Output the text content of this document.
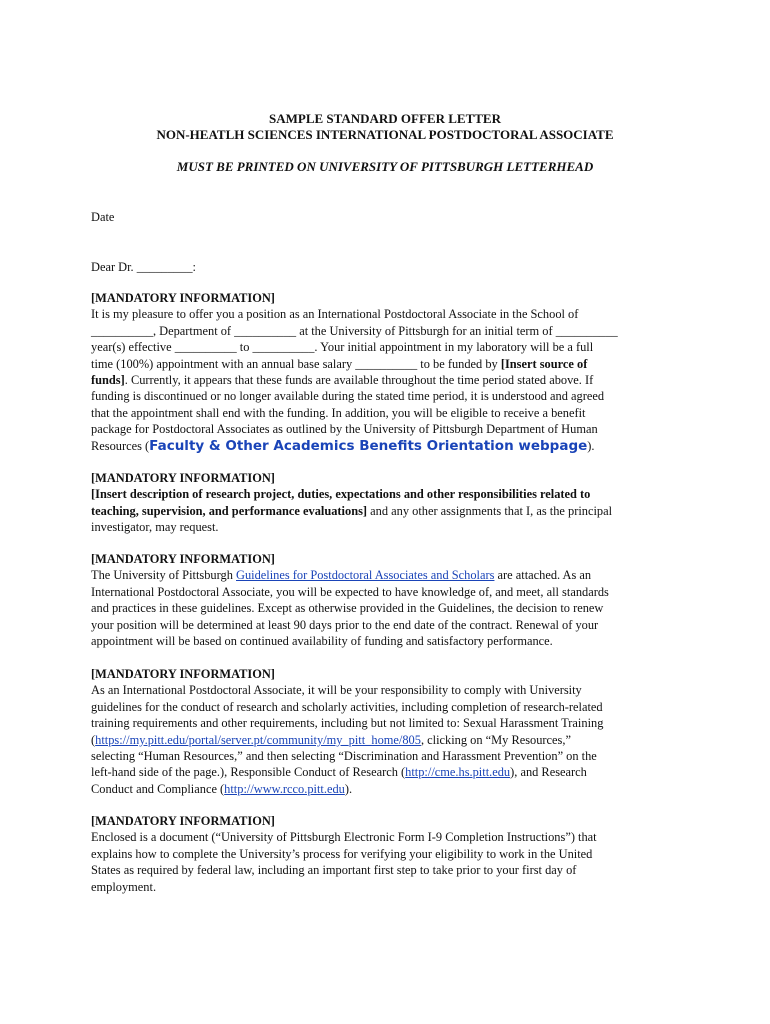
SAMPLE STANDARD OFFER LETTER
NON-HEATLH SCIENCES INTERNATIONAL POSTDOCTORAL ASSOCIATE
MUST BE PRINTED ON UNIVERSITY OF PITTSBURGH LETTERHEAD
Date
Dear Dr. _________:

[MANDATORY INFORMATION]

It is my pleasure to offer you a position as an International Postdoctoral Associate in the School of

__________, Department of __________ at the University of Pittsburgh for an initial term of __________

year(s) effective __________ to __________. Your initial appointment in my laboratory will be a full

time (100%) appointment with an annual base salary __________ to be funded by [Insert source of

funds]. Currently, it appears that these funds are available throughout the time period stated above. If

funding is discontinued or no longer available during the stated time period, it is understood and agreed

that the appointment shall end with the funding. In addition, you will be eligible to receive a benefit

package for Postdoctoral Associates as outlined by the University of Pittsburgh Department of Human

Resources (Faculty & Other Academics Benefits Orientation webpage).

[MANDATORY INFORMATION]

[Insert description of research project, duties, expectations and other responsibilities related to

teaching, supervision, and performance evaluations] and any other assignments that I, as the principal

investigator, may request.

[MANDATORY INFORMATION]

The University of Pittsburgh Guidelines for Postdoctoral Associates and Scholars are attached. As an

International Postdoctoral Associate, you will be expected to have knowledge of, and meet, all standards

and practices in these guidelines. Except as otherwise provided in the Guidelines, the decision to renew

your position will be determined at least 90 days prior to the end date of the contract. Renewal of your

appointment will be based on continued availability of funding and satisfactory performance.

[MANDATORY INFORMATION]

As an International Postdoctoral Associate, it will be your responsibility to comply with University

guidelines for the conduct of research and scholarly activities, including completion of research-related

training requirements and other requirements, including but not limited to: Sexual Harassment Training

(https://my.pitt.edu/portal/server.pt/community/my_pitt_home/805, clicking on “My Resources,”

selecting “Human Resources,” and then selecting “Discrimination and Harassment Prevention” on the

left-hand side of the page.), Responsible Conduct of Research (http://cme.hs.pitt.edu), and Research

Conduct and Compliance (http://www.rcco.pitt.edu).

[MANDATORY INFORMATION]

Enclosed is a document (“University of Pittsburgh Electronic Form I-9 Completion Instructions”) that

explains how to complete the University’s process for verifying your eligibility to work in the United

States as required by federal law, including an important first step to take prior to your first day of

employment.
